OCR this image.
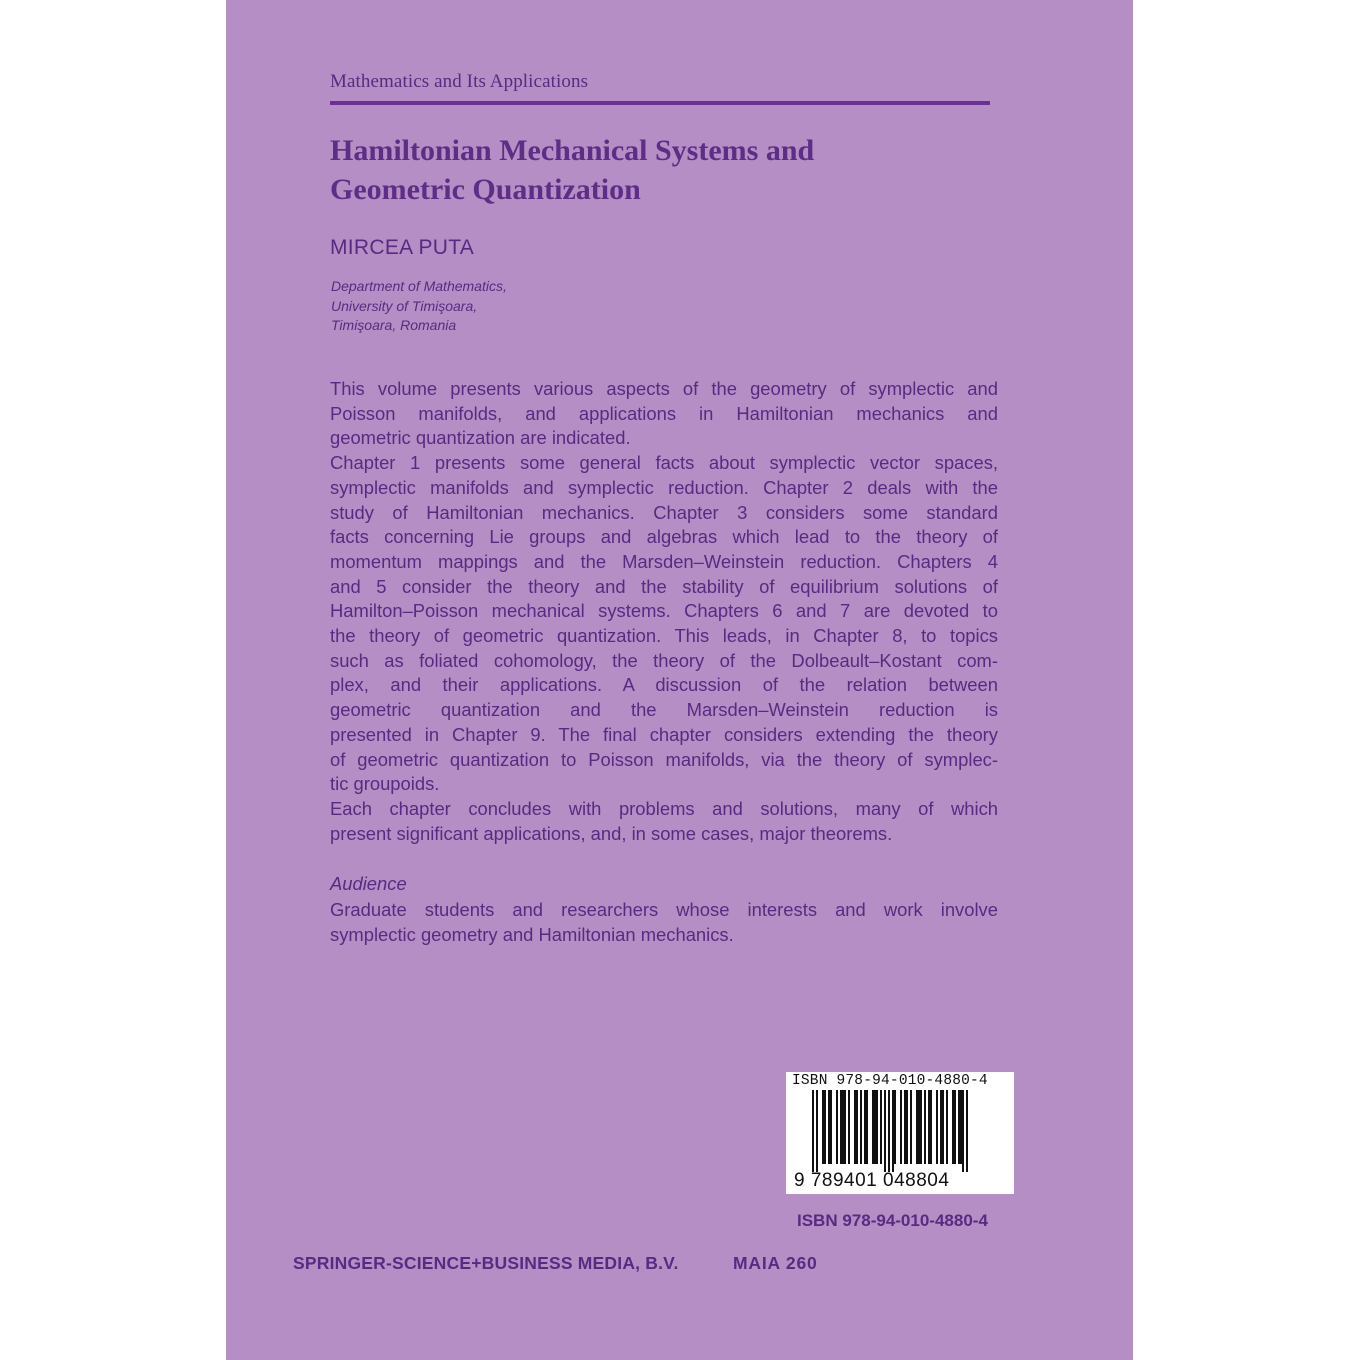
Mathematics and Its Applications
Hamiltonian Mechanical Systems and
Geometric Quantization
MIRCEA PUTA
Department of Mathematics,
University of Timişoara,
Timişoara, Romania
This volume presents various aspects of the geometry of symplectic and
Poisson manifolds, and applications in Hamiltonian mechanics and
geometric quantization are indicated.
Chapter 1 presents some general facts about symplectic vector spaces,
symplectic manifolds and symplectic reduction. Chapter 2 deals with the
study of Hamiltonian mechanics. Chapter 3 considers some standard
facts concerning Lie groups and algebras which lead to the theory of
momentum mappings and the Marsden–Weinstein reduction. Chapters 4
and 5 consider the theory and the stability of equilibrium solutions of
Hamilton–Poisson mechanical systems. Chapters 6 and 7 are devoted to
the theory of geometric quantization. This leads, in Chapter 8, to topics
such as foliated cohomology, the theory of the Dolbeault–Kostant com-
plex, and their applications. A discussion of the relation between
geometric quantization and the Marsden–Weinstein reduction is
presented in Chapter 9. The final chapter considers extending the theory
of geometric quantization to Poisson manifolds, via the theory of symplec-
tic groupoids.
Each chapter concludes with problems and solutions, many of which
present significant applications, and, in some cases, major theorems.
Audience
Graduate students and researchers whose interests and work involve
symplectic geometry and Hamiltonian mechanics.
ISBN 978-94-010-4880-4
9 789401 048804
ISBN 978-94-010-4880-4
SPRINGER-SCIENCE+BUSINESS MEDIA, B.V.	MAIA 260
